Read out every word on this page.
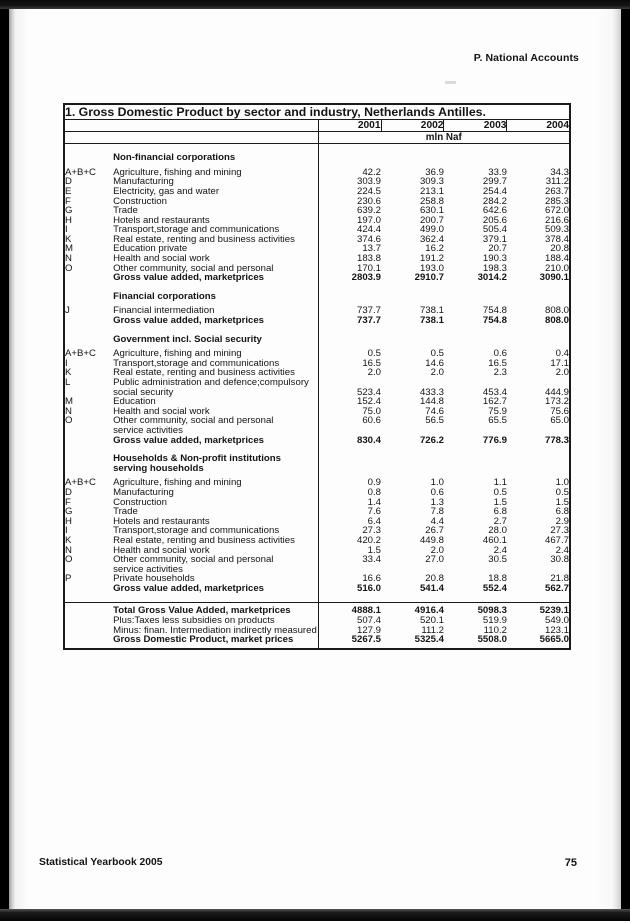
P. National Accounts
1. Gross Domestic Product by sector and industry, Netherlands Antilles.					
		2001	2002	2003	2004
		mln Naf			

	Non-financial corporations				

A+B+C	Agriculture, fishing and mining	42.2	36.9	33.9	34.3
D	Manufacturing	303.9	309.3	299.7	311.2
E	Electricity, gas and water	224.5	213.1	254.4	263.7
F	Construction	230.6	258.8	284.2	285.3
G	Trade	639.2	630.1	642.6	672.0
H	Hotels and restaurants	197.0	200.7	205.6	216.6
I	Transport,storage and communications	424.4	499.0	505.4	509.3
K	Real estate, renting and business activities	374.6	362.4	379.1	378.4
M	Education private	13.7	16.2	20.7	20.8
N	Health and social work	183.8	191.2	190.3	188.4
O	Other community, social and personal	170.1	193.0	198.3	210.0
	Gross value added, marketprices	2803.9	2910.7	3014.2	3090.1

	Financial corporations				

J	Financial intermediation	737.7	738.1	754.8	808.0
	Gross value added, marketprices	737.7	738.1	754.8	808.0

	Government incl. Social security				

A+B+C	Agriculture, fishing and mining	0.5	0.5	0.6	0.4
I	Transport,storage and communications	16.5	14.6	16.5	17.1
K	Real estate, renting and business activities	2.0	2.0	2.3	2.0
L	Public administration and defence;compulsory				
	social security	523.4	433.3	453.4	444.9
M	Education	152.4	144.8	162.7	173.2
N	Health and social work	75.0	74.6	75.9	75.6
O	Other community, social and personal	60.6	56.5	65.5	65.0
	service activities				
	Gross value added, marketprices	830.4	726.2	776.9	778.3

	Households & Non-profit institutions				
	serving households				

A+B+C	Agriculture, fishing and mining	0.9	1.0	1.1	1.0
D	Manufacturing	0.8	0.6	0.5	0.5
F	Construction	1.4	1.3	1.5	1.5
G	Trade	7.6	7.8	6.8	6.8
H	Hotels and restaurants	6.4	4.4	2.7	2.9
I	Transport,storage and communications	27.3	26.7	28.0	27.3
K	Real estate, renting and business activities	420.2	449.8	460.1	467.7
N	Health and social work	1.5	2.0	2.4	2.4
O	Other community, social and personal	33.4	27.0	30.5	30.8
	service activities				
P	Private households	16.6	20.8	18.8	21.8
	Gross value added, marketprices	516.0	541.4	552.4	562.7

	Total Gross Value Added, marketprices	4888.1	4916.4	5098.3	5239.1
	Plus:Taxes less subsidies on products	507.4	520.1	519.9	549.0
	Minus: finan. Intermediation indirectly measured	127.9	111.2	110.2	123.1
	Gross Domestic Product, market prices	5267.5	5325.4	5508.0	5665.0
Statistical Yearbook 2005	75
